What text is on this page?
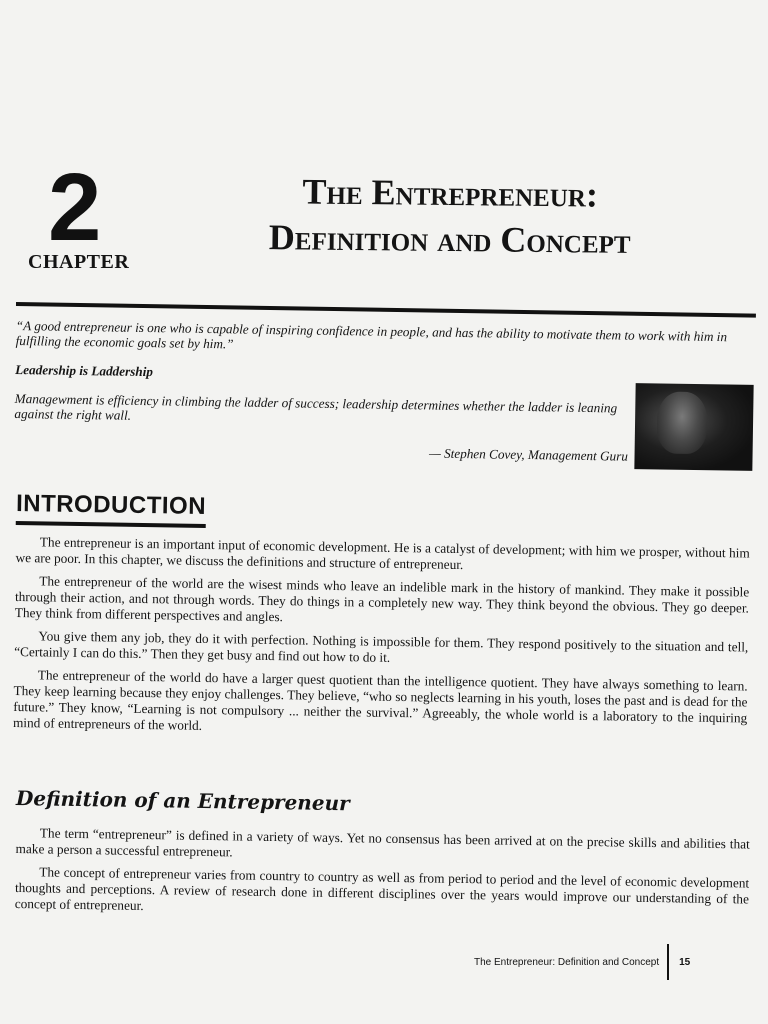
2
CHAPTER
The Entrepreneur:
Definition and Concept

“A good entrepreneur is one who is capable of inspiring confidence in people, and has the ability to motivate them to work with him in fulfilling the economic goals set by him.”

Leadership is Laddership

Managewment is efficiency in climbing the ladder of success; leadership determines whether the ladder is leaning against the right wall.

— Stephen Covey, Management Guru

INTRODUCTION

The entrepreneur is an important input of economic development. He is a catalyst of development; with him we prosper, without him we are poor. In this chapter, we discuss the definitions and structure of entrepreneur.

The entrepreneur of the world are the wisest minds who leave an indelible mark in the history of mankind. They make it possible through their action, and not through words. They do things in a completely new way. They think beyond the obvious. They go deeper. They think from different perspectives and angles.

You give them any job, they do it with perfection. Nothing is impossible for them. They respond positively to the situation and tell, “Certainly I can do this.” Then they get busy and find out how to do it.

The entrepreneur of the world do have a larger quest quotient than the intelligence quotient. They have always something to learn. They keep learning because they enjoy challenges. They believe, “who so neglects learning in his youth, loses the past and is dead for the future.” They know, “Learning is not compulsory ... neither the survival.” Agreeably, the whole world is a laboratory to the inquiring mind of entrepreneurs of the world.

Definition of an Entrepreneur

The term “entrepreneur” is defined in a variety of ways. Yet no consensus has been arrived at on the precise skills and abilities that make a person a successful entrepreneur.

The concept of entrepreneur varies from country to country as well as from period to period and the level of economic development thoughts and perceptions. A review of research done in different disciplines over the years would improve our understanding of the concept of entrepreneur.

The Entrepreneur: Definition and Concept 15
